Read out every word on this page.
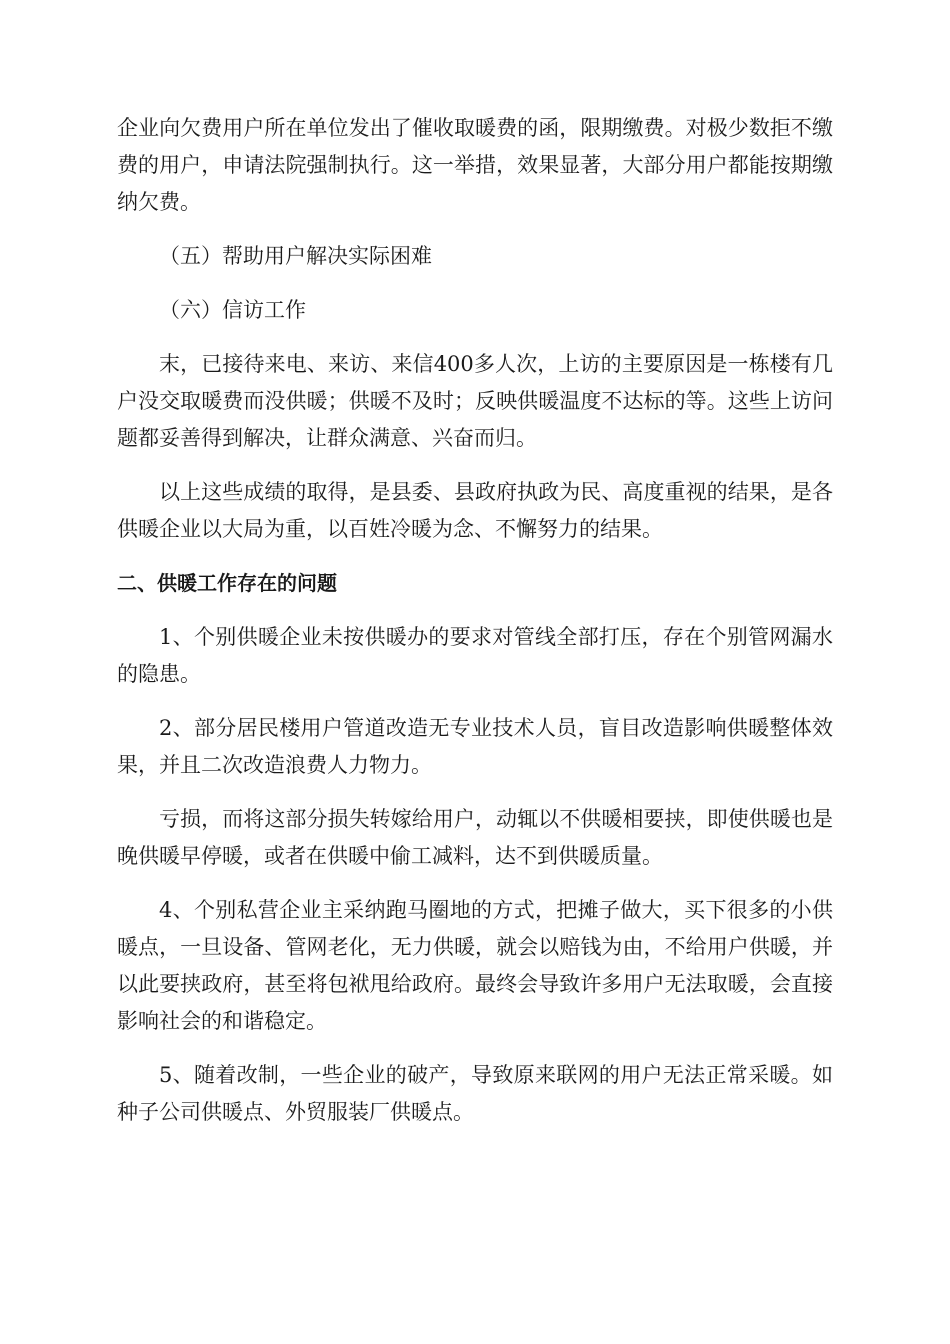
企业向欠费用户所在单位发出了催收取暖费的函，限期缴费。对极少数拒不缴费的用户，申请法院强制执行。这一举措，效果显著，大部分用户都能按期缴纳欠费。

（五）帮助用户解决实际困难

（六）信访工作

末，已接待来电、来访、来信400多人次，上访的主要原因是一栋楼有几户没交取暖费而没供暖；供暖不及时；反映供暖温度不达标的等。这些上访问题都妥善得到解决，让群众满意、兴奋而归。

以上这些成绩的取得，是县委、县政府执政为民、高度重视的结果，是各供暖企业以大局为重，以百姓冷暖为念、不懈努力的结果。

二、供暖工作存在的问题

1、个别供暖企业未按供暖办的要求对管线全部打压，存在个别管网漏水的隐患。

2、部分居民楼用户管道改造无专业技术人员，盲目改造影响供暖整体效果，并且二次改造浪费人力物力。

亏损，而将这部分损失转嫁给用户，动辄以不供暖相要挟，即使供暖也是晚供暖早停暖，或者在供暖中偷工减料，达不到供暖质量。

4、个别私营企业主采纳跑马圈地的方式，把摊子做大，买下很多的小供暖点，一旦设备、管网老化，无力供暖，就会以赔钱为由，不给用户供暖，并以此要挟政府，甚至将包袱甩给政府。最终会导致许多用户无法取暖，会直接影响社会的和谐稳定。

5、随着改制，一些企业的破产，导致原来联网的用户无法正常采暖。如种子公司供暖点、外贸服装厂供暖点。
